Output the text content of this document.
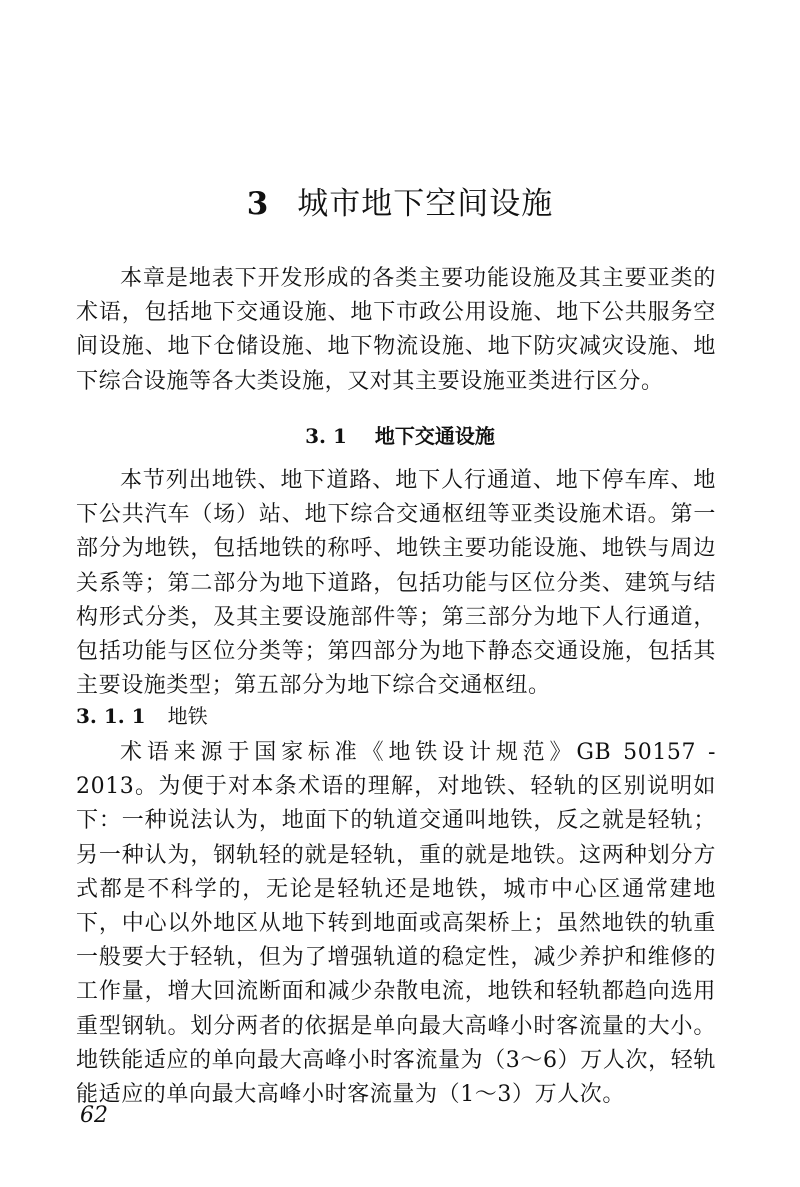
3 城市地下空间设施

本章是地表下开发形成的各类主要功能设施及其主要亚类的术语，包括地下交通设施、地下市政公用设施、地下公共服务空间设施、地下仓储设施、地下物流设施、地下防灾减灾设施、地下综合设施等各大类设施，又对其主要设施亚类进行区分。

3. 1 地下交通设施

本节列出地铁、地下道路、地下人行通道、地下停车库、地下公共汽车（场）站、地下综合交通枢纽等亚类设施术语。第一部分为地铁，包括地铁的称呼、地铁主要功能设施、地铁与周边关系等；第二部分为地下道路，包括功能与区位分类、建筑与结构形式分类，及其主要设施部件等；第三部分为地下人行通道，包括功能与区位分类等；第四部分为地下静态交通设施，包括其主要设施类型；第五部分为地下综合交通枢纽。

3. 1. 1 地铁

术语来源于国家标准《地铁设计规范》GB 50157 - 2013。为便于对本条术语的理解，对地铁、轻轨的区别说明如下：一种说法认为，地面下的轨道交通叫地铁，反之就是轻轨；另一种认为，钢轨轻的就是轻轨，重的就是地铁。这两种划分方式都是不科学的，无论是轻轨还是地铁，城市中心区通常建地下，中心以外地区从地下转到地面或高架桥上；虽然地铁的轨重一般要大于轻轨，但为了增强轨道的稳定性，减少养护和维修的工作量，增大回流断面和减少杂散电流，地铁和轻轨都趋向选用重型钢轨。划分两者的依据是单向最大高峰小时客流量的大小。地铁能适应的单向最大高峰小时客流量为（3～6）万人次，轻轨能适应的单向最大高峰小时客流量为（1～3）万人次。

62
